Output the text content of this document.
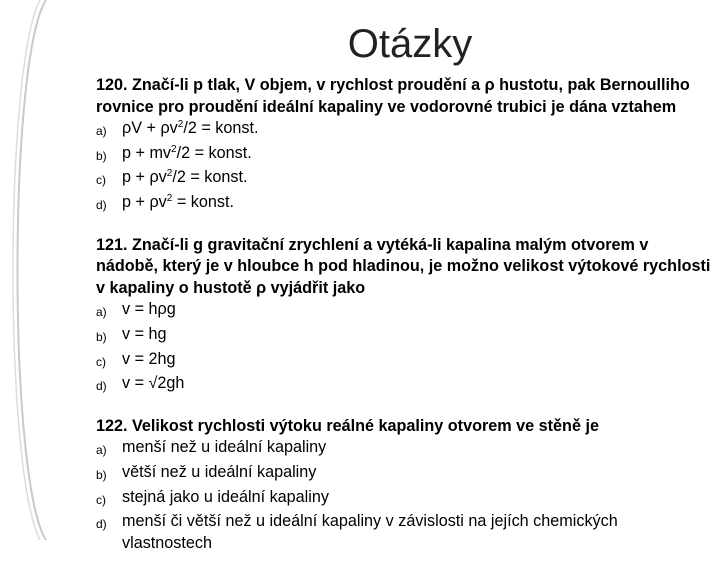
Otázky
120. Značí-li p tlak, V objem, v rychlost proudění a ρ hustotu, pak Bernoulliho rovnice pro proudění ideální kapaliny ve vodorovné trubici je dána vztahem
a) $\rho V + \rho v^2/2$ = konst.
b) $p + mv^2/2$ = konst.
c) $p + \rho v^2/2$ = konst.
d) $p + \rho v^2$ = konst.
121. Značí-li g gravitační zrychlení a vytéká-li kapalina malým otvorem v nádobě, který je v hloubce h pod hladinou, je možno velikost výtokové rychlosti v kapaliny o hustotě ρ vyjádřit jako
a) v = hρg
b) v = hg
c) v = 2hg
d) v = √2gh
122. Velikost rychlosti výtoku reálné kapaliny otvorem ve stěně je
a) menší než u ideální kapaliny
b) větší než u ideální kapaliny
c) stejná jako u ideální kapaliny
d) menší či větší než u ideální kapaliny v závislosti na jejích chemických vlastnostech
